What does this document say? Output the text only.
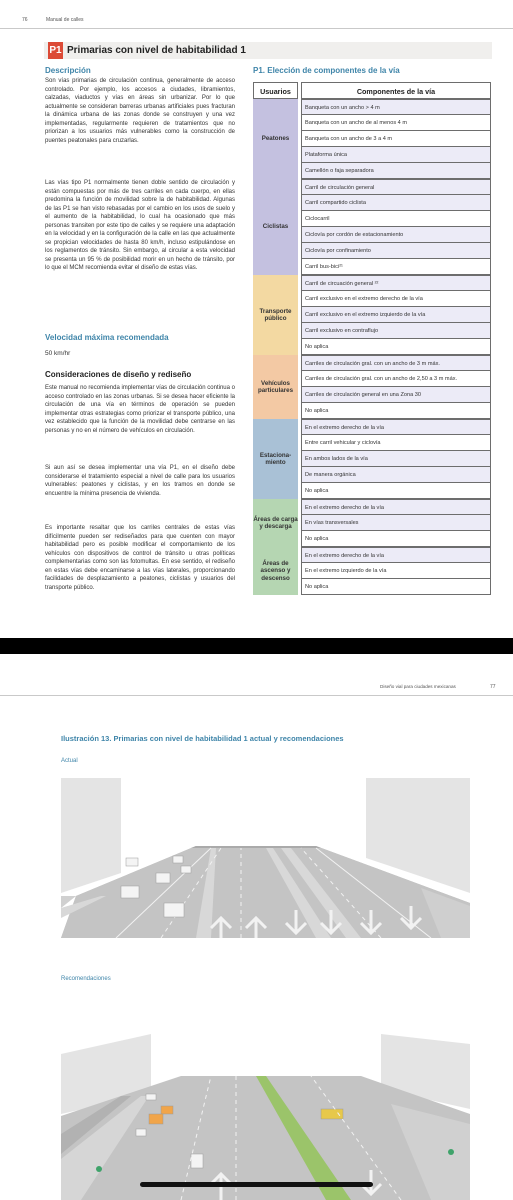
76	Manual de calles
P1 Primarias con nivel de habitabilidad 1
Descripción
Son vías primarias de circulación continua, generalmente de acceso controlado. Por ejemplo, los accesos a ciudades, libramientos, calzadas, viaductos y vías en áreas sin urbanizar. Por lo que actualmente se consideran barreras urbanas artificiales pues fracturan la dinámica urbana de las zonas donde se construyen y una vez implementadas, regularmente requieren de tratamientos que no priorizan a los usuarios más vulnerables como la construcción de puentes peatonales para cruzarlas.
Las vías tipo P1 normalmente tienen doble sentido de circulación y están compuestas por más de tres carriles en cada cuerpo, en ellas predomina la función de movilidad sobre la de habitabilidad. Algunas de las P1 se han visto rebasadas por el cambio en los usos de suelo y el aumento de la habitabilidad, lo cual ha ocasionado que más personas transiten por este tipo de calles y se requiere una adaptación en la velocidad y en la configuración de la calle en las que actualmente se propician velocidades de hasta 80 km/h, incluso estipulándose en los reglamentos de tránsito. Sin embargo, al circular a esta velocidad se presenta un 95 % de posibilidad morir en un hecho de tránsito, por lo que el MCM recomienda evitar el diseño de estas vías.
Velocidad máxima recomendada
50 km/hr
Consideraciones de diseño y rediseño
Este manual no recomienda implementar vías de circulación continua o acceso controlado en las zonas urbanas. Si se desea hacer eficiente la circulación de una vía en términos de operación se pueden implementar otras estrategias como priorizar el transporte público, una vez establecido que la función de la movilidad debe centrarse en las personas y no en el número de vehículos en circulación.
Si aun así se desea implementar una vía P1, en el diseño debe considerarse el tratamiento especial a nivel de calle para los usuarios vulnerables: peatones y ciclistas, y en los tramos en donde se encuentre la mínima presencia de vivienda.
Es importante resaltar que los carriles centrales de estas vías difícilmente pueden ser rediseñados para que cuenten con mayor habitabilidad pero es posible modificar el comportamiento de los vehículos con dispositivos de control de tránsito u otras políticas complementarias como son las fotomultas. En ese sentido, el rediseño en estas vías debe encaminarse a las vías laterales, proporcionando facilidades de desplazamiento a peatones, ciclistas y usuarios del transporte público.
P1. Elección de componentes de la vía
Usuarios	Componentes de la vía
Peatones
Banqueta con un ancho > 4 m
Banqueta con un ancho de al menos 4 m
Banqueta con un ancho de 3 a 4 m
Plataforma única
Camellón o faja separadora
Ciclistas
Carril de circulación general
Carril compartido ciclista
Ciclocarril
Ciclovía por cordón de estacionamiento
Ciclovía por confinamiento
Carril bus-bici²¹
Transporte público
Carril de circuación general ²²
Carril exclusivo en el extremo derecho de la vía
Carril exclusivo en el extremo izquierdo de la vía
Carril exclusivo en contraflujo
No aplica
Vehículos particulares
Carriles de circulación gral. con un ancho de 3 m máx.
Carriles de circulación gral. con un ancho de 2,50 a 3 m máx.
Carriles de circulación general en una Zona 30
No aplica
Estaciona- miento
En el extremo derecho de la vía
Entre carril vehicular y ciclovía
En ambos lados de la vía
De manera orgánica
No aplica
Áreas de carga y descarga
En el extremo derecho de la vía
En vías transversales
No aplica
Áreas de ascenso y descenso
En el extremo derecho de la vía
En el extremo izquierdo de la vía
No aplica
Diseño vial para ciudades mexicanas	77
Ilustración 13. Primarias con nivel de habitabilidad 1 actual y recomendaciones
Actual
Recomendaciones
